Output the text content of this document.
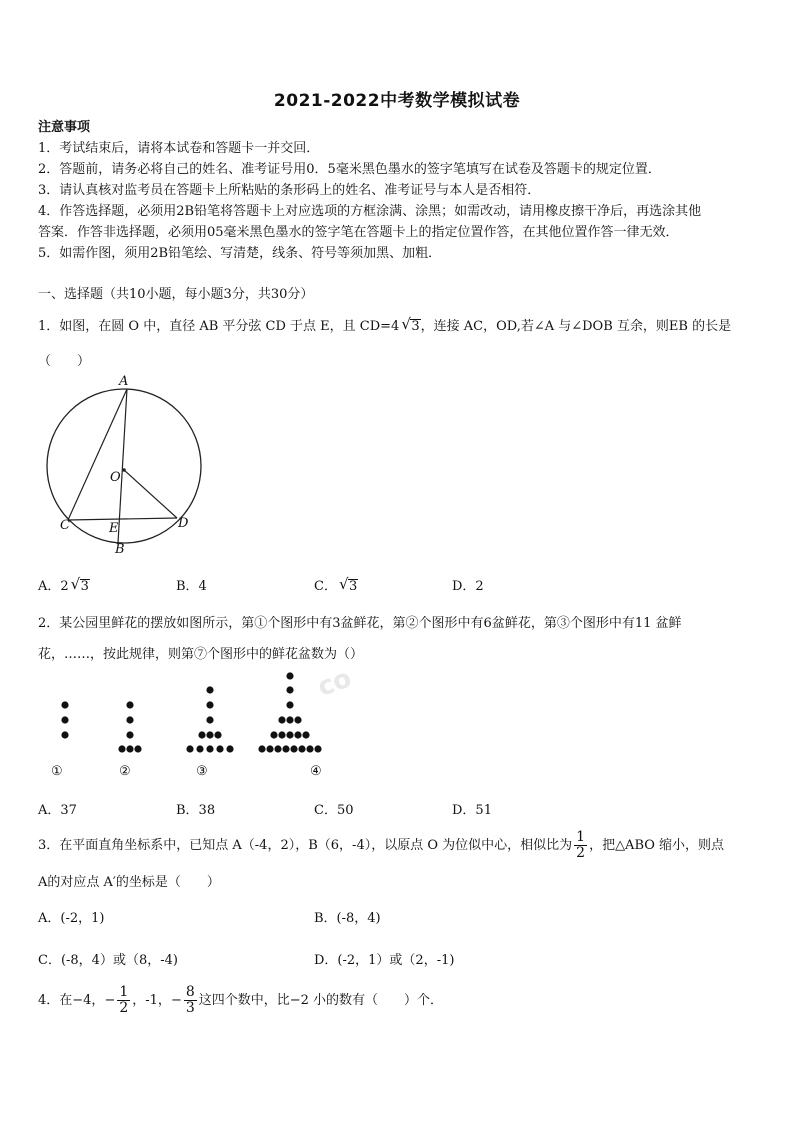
co
2021-2022中考数学模拟试卷
注意事项
1．考试结束后，请将本试卷和答题卡一并交回．
2．答题前，请务必将自己的姓名、准考证号用0．5毫米黑色墨水的签字笔填写在试卷及答题卡的规定位置．
3．请认真核对监考员在答题卡上所粘贴的条形码上的姓名、准考证号与本人是否相符．
4．作答选择题，必须用2B铅笔将答题卡上对应选项的方框涂满、涂黑；如需改动，请用橡皮擦干净后，再选涂其他
答案．作答非选择题，必须用05毫米黑色墨水的签字笔在答题卡上的指定位置作答，在其他位置作答一律无效．
5．如需作图，须用2B铅笔绘、写清楚，线条、符号等须加黑、加粗．
一、选择题（共10小题，每小题3分，共30分）
1．如图，在圆 O 中，直径 AB 平分弦 CD 于点 E，且 CD=4 √ 3，连接 AC，OD,若∠A 与∠DOB 互余，则EB 的长是
（　　）
A
O
C	E	D
B
A．2 √ 3	B．4	C． √ 3	D．2
2．某公园里鲜花的摆放如图所示，第①个图形中有3盆鲜花，第②个图形中有6盆鲜花，第③个图形中有11 盆鲜
花，……，按此规律，则第⑦个图形中的鲜花盆数为（）
①	②	③	④
A．37	B．38	C．50	D．51
3．在平面直角坐标系中，已知点 A（-4，2），B（6，-4），以原点 O 为位似中心，相似比为 $\frac{1}{2}$ ，把△ABO 缩小，则点
A的对应点 A′的坐标是（　　）
A．(-2，1)	B．(-8，4)
C．(-8，4）或（8，-4)	D．(-2，1）或（2，-1)
4．在−4，− $\frac{1}{2}$ ，-1，− $\frac{8}{3}$ 这四个数中，比−2 小的数有（　　）个．
